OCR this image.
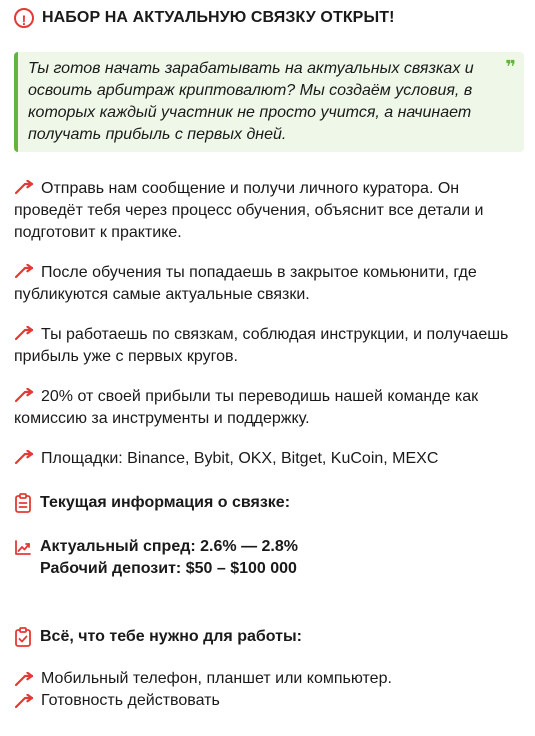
! НАБОР НА АКТУАЛЬНУЮ СВЯЗКУ ОТКРЫТ!
Ты готов начать зарабатывать на актуальных связках и освоить арбитраж криптовалют? Мы создаём условия, в которых каждый участник не просто учится, а начинает получать прибыль с первых дней.
❞
Отправь нам сообщение и получи личного куратора. Он проведёт тебя через процесс обучения, объяснит все детали и подготовит к практике.
После обучения ты попадаешь в закрытое комьюнити, где публикуются самые актуальные связки.
Ты работаешь по связкам, соблюдая инструкции, и получаешь прибыль уже с первых кругов.
20% от своей прибыли ты переводишь нашей команде как комиссию за инструменты и поддержку.
Площадки: Binance, Bybit, OKX, Bitget, KuCoin, MEXC
Текущая информация о связке:
Актуальный спред: 2.6% — 2.8%
Рабочий депозит: $50 – $100 000
Всё, что тебе нужно для работы:
Мобильный телефон, планшет или компьютер.
Готовность действовать
